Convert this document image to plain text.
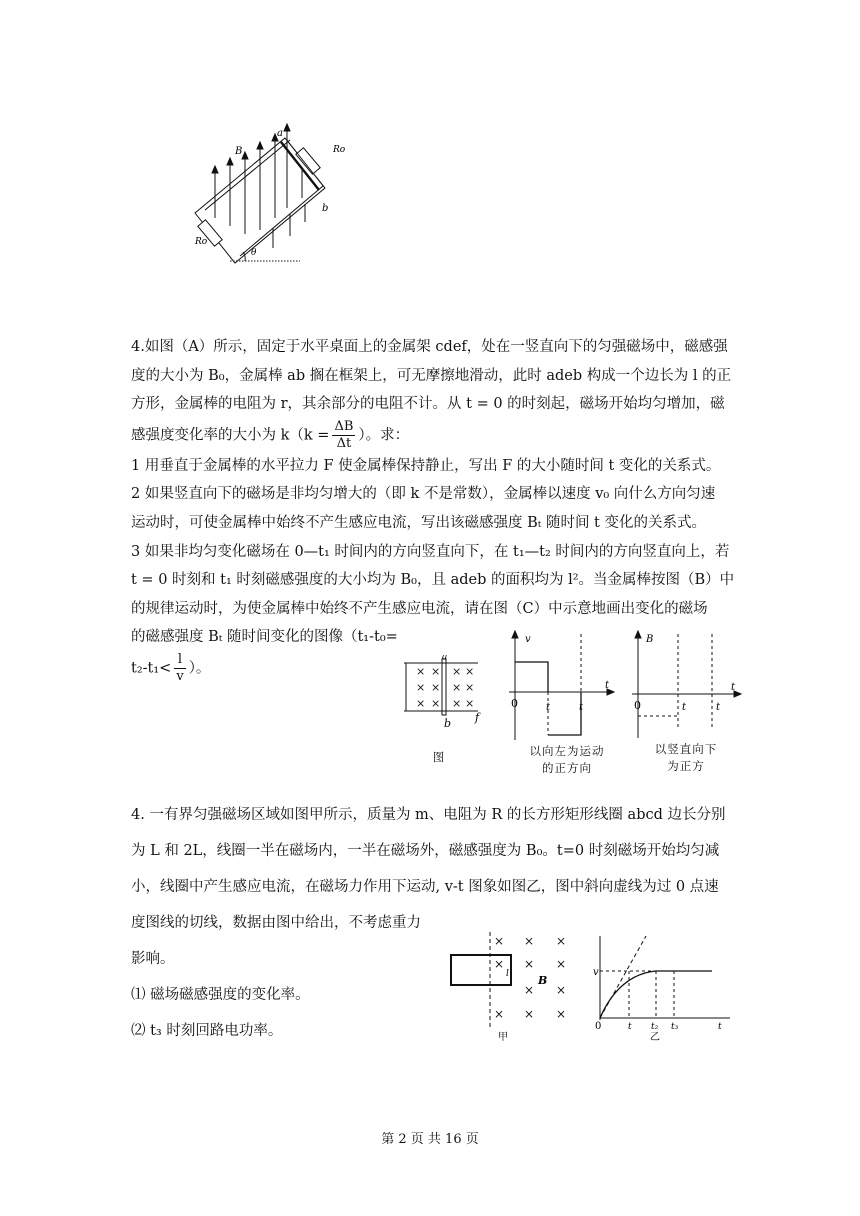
a
B
b
Ro
Ro
θ
4.如图（A）所示，固定于水平桌面上的金属架 cdef，处在一竖直向下的匀强磁场中，磁感强
度的大小为 B₀，金属棒 ab 搁在框架上，可无摩擦地滑动，此时 adeb 构成一个边长为 l 的正
方形，金属棒的电阻为 r，其余部分的电阻不计。从 t = 0 的时刻起，磁场开始均匀增加，磁
感强度变化率的大小为 $k(k = \frac{\Delta B}{\Delta t}$ ）。求：
1 用垂直于金属棒的水平拉力 F 使金属棒保持静止，写出 F 的大小随时间 t 变化的关系式。
2 如果竖直向下的磁场是非均匀增大的（即 k 不是常数），金属棒以速度 v₀ 向什么方向匀速
运动时，可使金属棒中始终不产生感应电流，写出该磁感强度 Bₜ 随时间 t 变化的关系式。
3 如果非均匀变化磁场在 0—t₁ 时间内的方向竖直向下，在 t₁—t₂ 时间内的方向竖直向上，若
t = 0 时刻和 t₁ 时刻磁感强度的大小均为 B₀，且 adeb 的面积均为 l²。当金属棒按图（B）中
的规律运动时，为使金属棒中始终不产生感应电流，请在图（C）中示意地画出变化的磁场
的磁感强度 Bₜ 随时间变化的图像（t₁-t₀=
$t_2-t_1< \frac{l}{v}$ ）。	× × × ×
× × × ×
× × × ×
a
b f
图
v
t
0	t	t
以向左为运动的正方向
B
t
0	t	t
以竖直向下为正方
4. 一有界匀强磁场区域如图甲所示，质量为 m、电阻为 R 的长方形矩形线圈 abcd 边长分别
为 L 和 2L，线圈一半在磁场内，一半在磁场外，磁感强度为 B₀。t=0 时刻磁场开始均匀减
小，线圈中产生感应电流，在磁场力作用下运动, v-t 图象如图乙，图中斜向虚线为过 0 点速
度图线的切线，数据由图中给出，不考虑重力
影响。
⑴ 磁场磁感强度的变化率。
⑵ t₃ 时刻回路电功率。
× × ×
× × ×
× ×
× × ×
B
l
甲
v
0	t t₂ t₃	t
乙
第 2 页 共 16 页
